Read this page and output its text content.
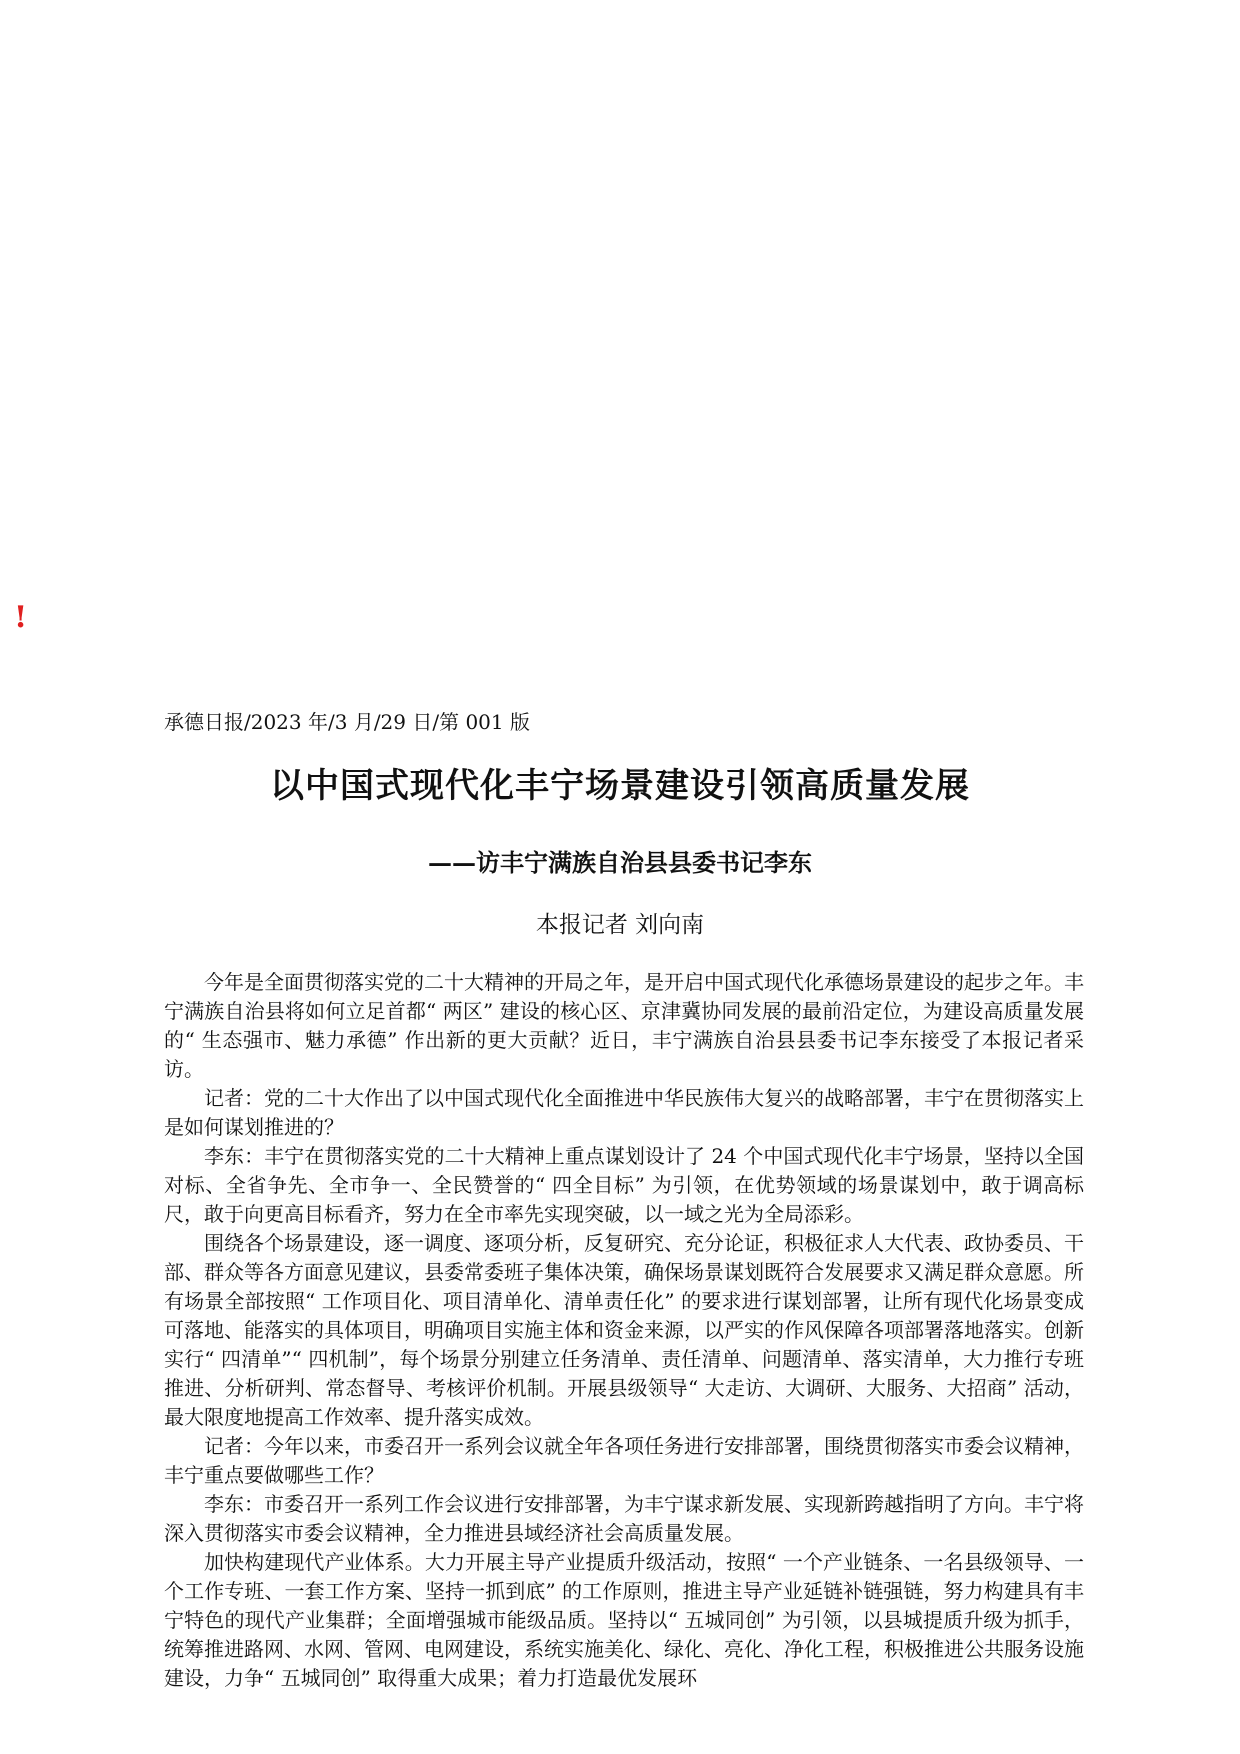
!
承德日报/2023 年/3 月/29 日/第 001 版
以中国式现代化丰宁场景建设引领高质量发展
——访丰宁满族自治县县委书记李东
本报记者 刘向南

今年是全面贯彻落实党的二十大精神的开局之年，是开启中国式现代化承德场景建设的起步之年。丰宁满族自治县将如何立足首都“ 两区” 建设的核心区、京津冀协同发展的最前沿定位，为建设高质量发展的“ 生态强市、魅力承德” 作出新的更大贡献？近日，丰宁满族自治县县委书记李东接受了本报记者采访。

记者：党的二十大作出了以中国式现代化全面推进中华民族伟大复兴的战略部署，丰宁在贯彻落实上是如何谋划推进的？

李东：丰宁在贯彻落实党的二十大精神上重点谋划设计了 24 个中国式现代化丰宁场景，坚持以全国对标、全省争先、全市争一、全民赞誉的“ 四全目标” 为引领，在优势领域的场景谋划中，敢于调高标尺，敢于向更高目标看齐，努力在全市率先实现突破，以一域之光为全局添彩。

围绕各个场景建设，逐一调度、逐项分析，反复研究、充分论证，积极征求人大代表、政协委员、干部、群众等各方面意见建议，县委常委班子集体决策，确保场景谋划既符合发展要求又满足群众意愿。所有场景全部按照“ 工作项目化、项目清单化、清单责任化” 的要求进行谋划部署，让所有现代化场景变成可落地、能落实的具体项目，明确项目实施主体和资金来源，以严实的作风保障各项部署落地落实。创新实行“ 四清单”“ 四机制”，每个场景分别建立任务清单、责任清单、问题清单、落实清单，大力推行专班推进、分析研判、常态督导、考核评价机制。开展县级领导“ 大走访、大调研、大服务、大招商” 活动，最大限度地提高工作效率、提升落实成效。

记者：今年以来，市委召开一系列会议就全年各项任务进行安排部署，围绕贯彻落实市委会议精神，丰宁重点要做哪些工作？

李东：市委召开一系列工作会议进行安排部署，为丰宁谋求新发展、实现新跨越指明了方向。丰宁将深入贯彻落实市委会议精神，全力推进县域经济社会高质量发展。

加快构建现代产业体系。大力开展主导产业提质升级活动，按照“ 一个产业链条、一名县级领导、一个工作专班、一套工作方案、坚持一抓到底” 的工作原则，推进主导产业延链补链强链，努力构建具有丰宁特色的现代产业集群；全面增强城市能级品质。坚持以“ 五城同创” 为引领，以县城提质升级为抓手，统筹推进路网、水网、管网、电网建设，系统实施美化、绿化、亮化、净化工程，积极推进公共服务设施建设，力争“ 五城同创” 取得重大成果；着力打造最优发展环
